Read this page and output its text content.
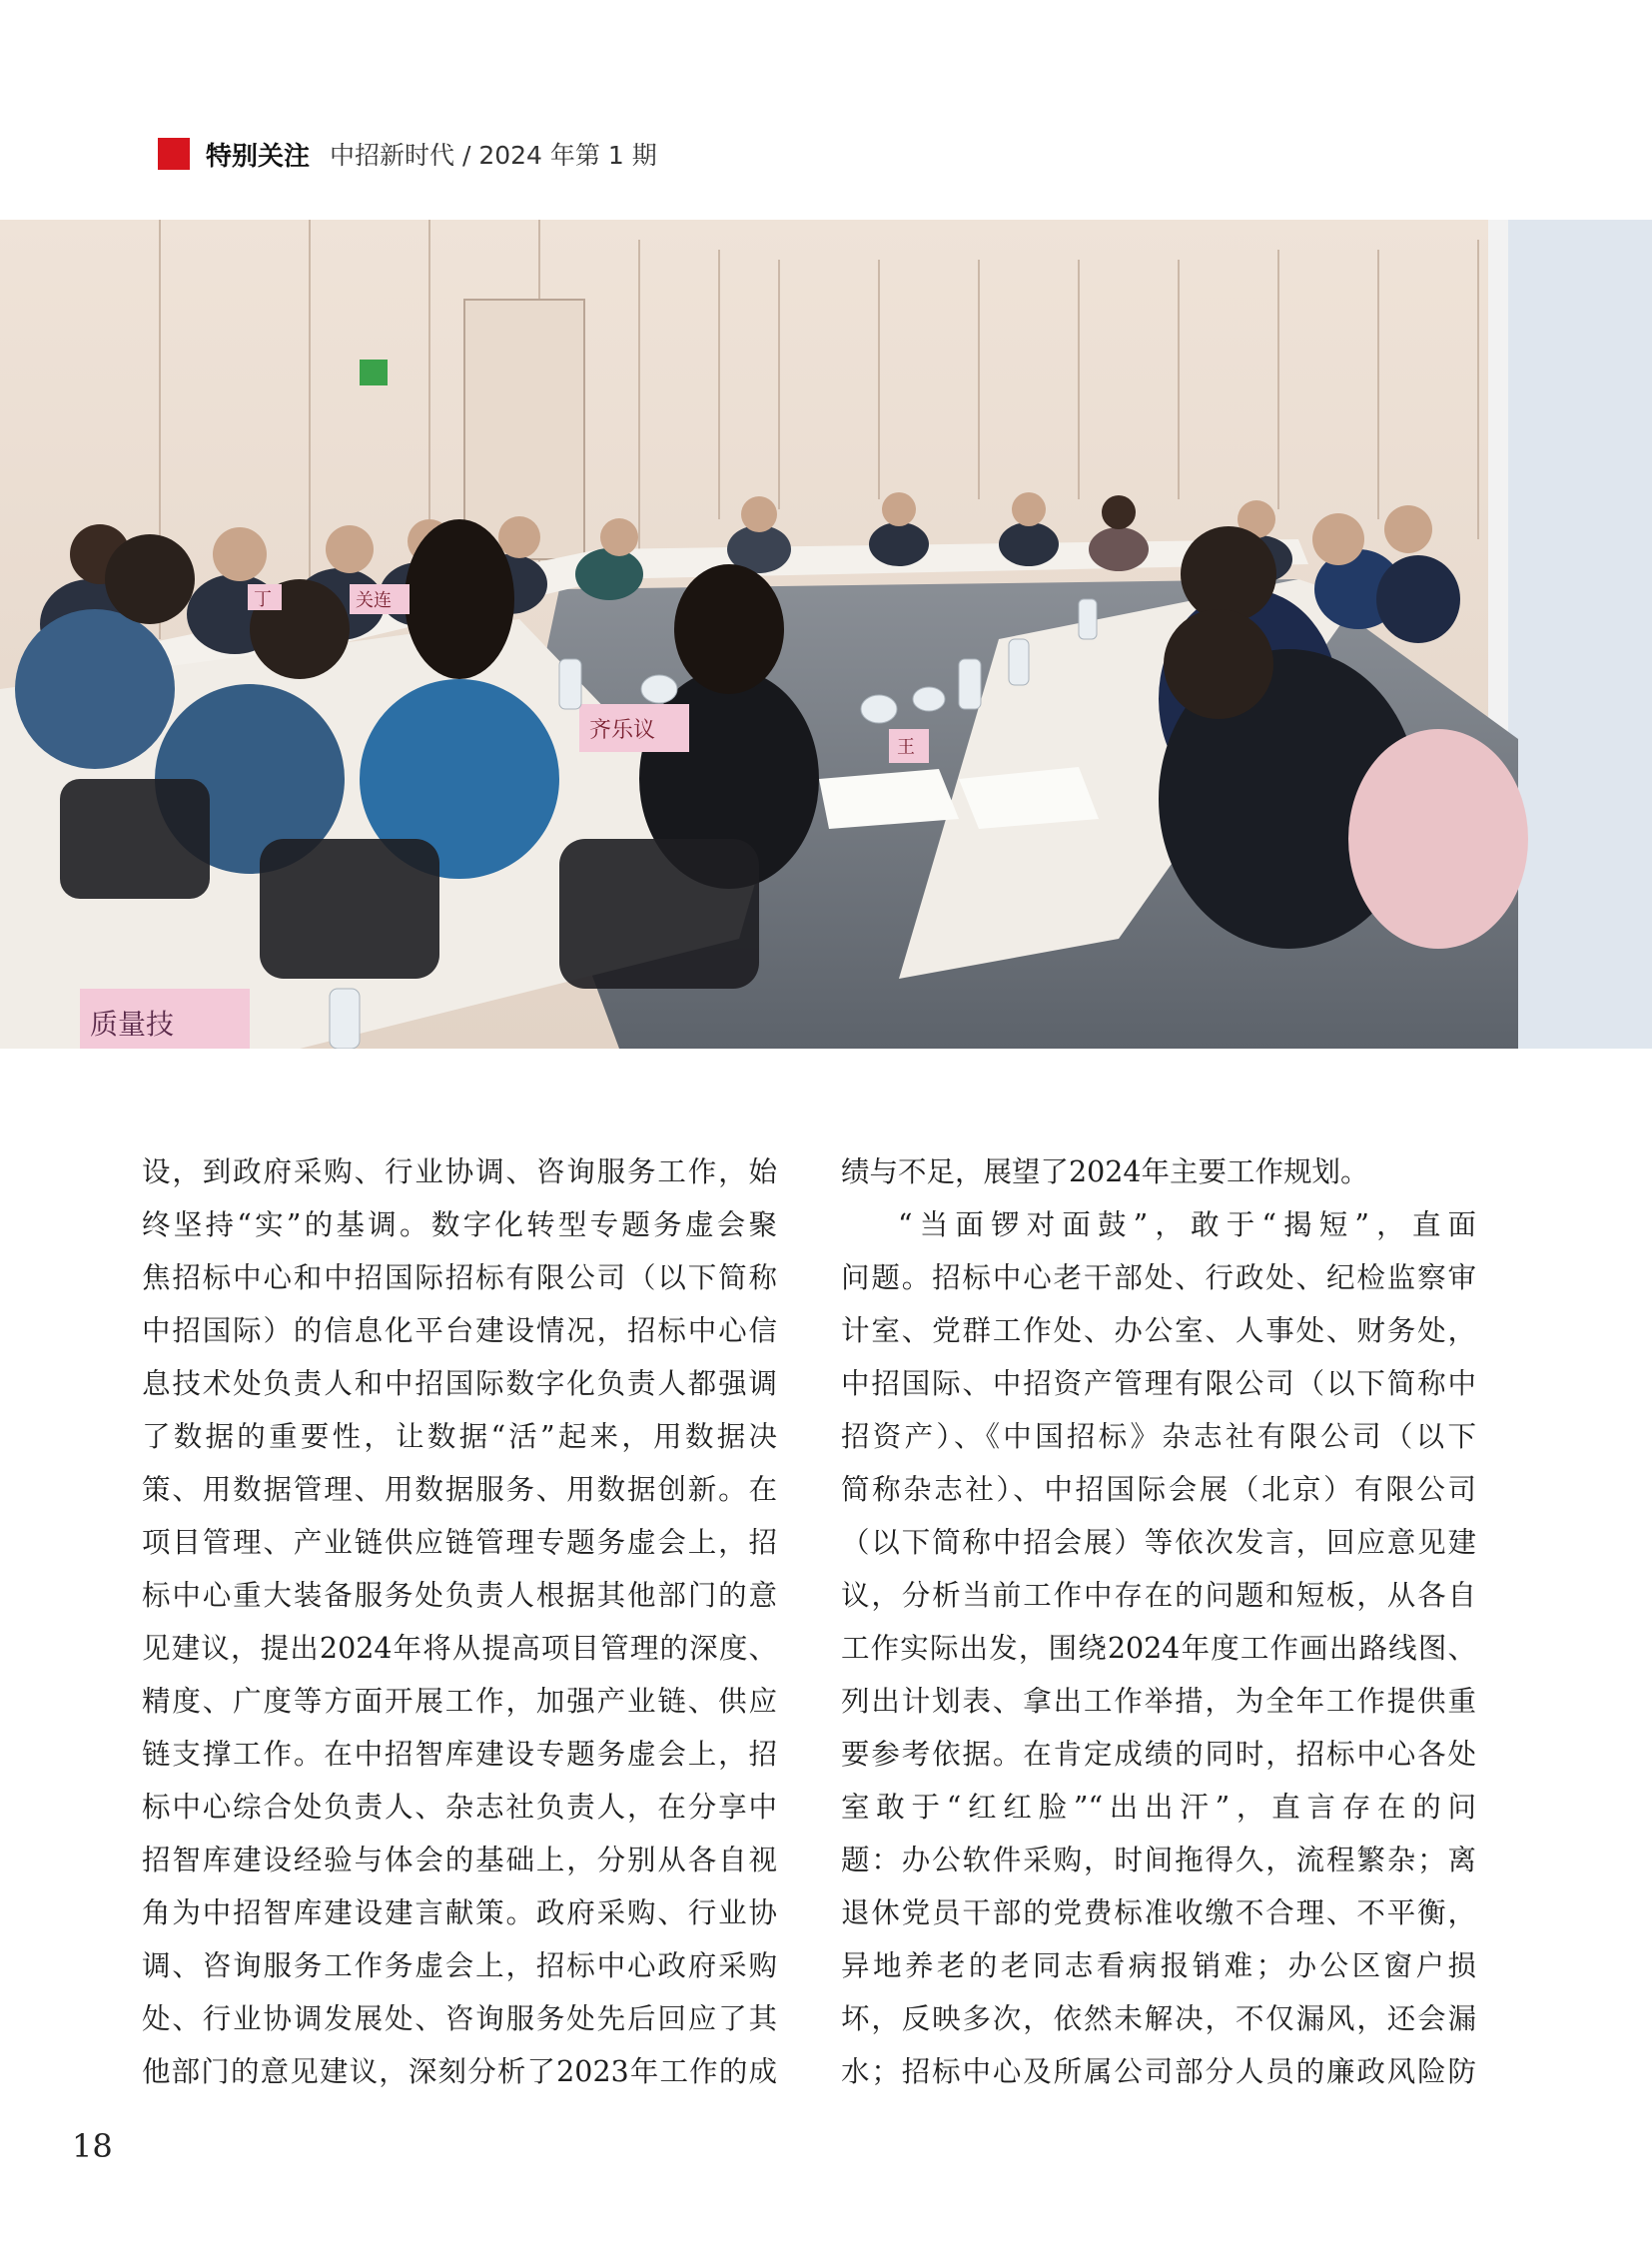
特别关注 中招新时代 / 2024 年第 1 期
质量技
齐乐议
关连
王
丁

设，到政府采购、行业协调、咨询服务工作，始

终坚持“实”的基调。数字化转型专题务虚会聚

焦招标中心和中招国际招标有限公司（以下简称

中招国际）的信息化平台建设情况，招标中心信

息技术处负责人和中招国际数字化负责人都强调

了数据的重要性，让数据“活”起来，用数据决

策、用数据管理、用数据服务、用数据创新。在

项目管理、产业链供应链管理专题务虚会上，招

标中心重大装备服务处负责人根据其他部门的意

见建议，提出2024年将从提高项目管理的深度、

精度、广度等方面开展工作，加强产业链、供应

链支撑工作。在中招智库建设专题务虚会上，招

标中心综合处负责人、杂志社负责人，在分享中

招智库建设经验与体会的基础上，分别从各自视

角为中招智库建设建言献策。政府采购、行业协

调、咨询服务工作务虚会上，招标中心政府采购

处、行业协调发展处、咨询服务处先后回应了其

他部门的意见建议，深刻分析了2023年工作的成

绩与不足，展望了2024年主要工作规划。

“当面锣对面鼓”，敢于“揭短”，直面

问题。招标中心老干部处、行政处、纪检监察审

计室、党群工作处、办公室、人事处、财务处，

中招国际、中招资产管理有限公司（以下简称中

招资产）、《中国招标》杂志社有限公司（以下

简称杂志社）、中招国际会展（北京）有限公司

（以下简称中招会展）等依次发言，回应意见建

议，分析当前工作中存在的问题和短板，从各自

工作实际出发，围绕2024年度工作画出路线图、

列出计划表、拿出工作举措，为全年工作提供重

要参考依据。在肯定成绩的同时，招标中心各处

室敢于“红红脸”“出出汗”，直言存在的问

题：办公软件采购，时间拖得久，流程繁杂；离

退休党员干部的党费标准收缴不合理、不平衡，

异地养老的老同志看病报销难；办公区窗户损

坏，反映多次，依然未解决，不仅漏风，还会漏

水；招标中心及所属公司部分人员的廉政风险防

18
